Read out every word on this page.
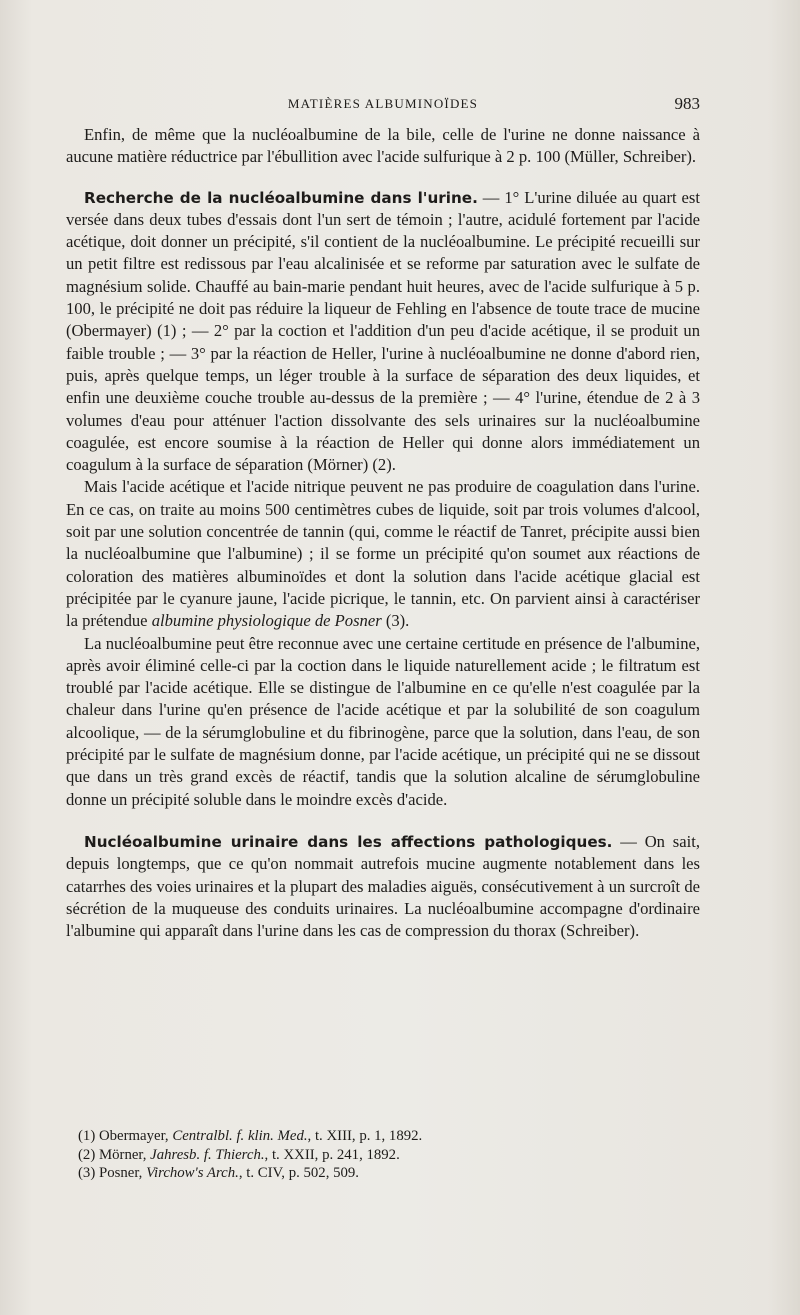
MATIÈRES ALBUMINOÏDES	983

Enfin, de même que la nucléoalbumine de la bile, celle de l'urine ne donne naissance à aucune matière réductrice par l'ébullition avec l'acide sulfurique à 2 p. 100 (Müller, Schreiber).

Recherche de la nucléoalbumine dans l'urine. — 1° L'urine diluée au quart est versée dans deux tubes d'essais dont l'un sert de témoin ; l'autre, acidulé fortement par l'acide acétique, doit donner un précipité, s'il contient de la nucléoalbumine. Le précipité recueilli sur un petit filtre est redissous par l'eau alcalinisée et se reforme par saturation avec le sulfate de magnésium solide. Chauffé au bain-marie pendant huit heures, avec de l'acide sulfurique à 5 p. 100, le précipité ne doit pas réduire la liqueur de Fehling en l'absence de toute trace de mucine (Obermayer) (1) ; — 2° par la coction et l'addition d'un peu d'acide acétique, il se produit un faible trouble ; — 3° par la réaction de Heller, l'urine à nucléoalbumine ne donne d'abord rien, puis, après quelque temps, un léger trouble à la surface de séparation des deux liquides, et enfin une deuxième couche trouble au-dessus de la première ; — 4° l'urine, étendue de 2 à 3 volumes d'eau pour atténuer l'action dissolvante des sels urinaires sur la nucléoalbumine coagulée, est encore soumise à la réaction de Heller qui donne alors immédiatement un coagulum à la surface de séparation (Mörner) (2).

Mais l'acide acétique et l'acide nitrique peuvent ne pas produire de coagulation dans l'urine. En ce cas, on traite au moins 500 centimètres cubes de liquide, soit par trois volumes d'alcool, soit par une solution concentrée de tannin (qui, comme le réactif de Tanret, précipite aussi bien la nucléoalbumine que l'albumine) ; il se forme un précipité qu'on soumet aux réactions de coloration des matières albuminoïdes et dont la solution dans l'acide acétique glacial est précipitée par le cyanure jaune, l'acide picrique, le tannin, etc. On parvient ainsi à caractériser la prétendue albumine physiologique de Posner (3).

La nucléoalbumine peut être reconnue avec une certaine certitude en présence de l'albumine, après avoir éliminé celle-ci par la coction dans le liquide naturellement acide ; le filtratum est troublé par l'acide acétique. Elle se distingue de l'albumine en ce qu'elle n'est coagulée par la chaleur dans l'urine qu'en présence de l'acide acétique et par la solubilité de son coagulum alcoolique, — de la sérumglobuline et du fibrinogène, parce que la solution, dans l'eau, de son précipité par le sulfate de magnésium donne, par l'acide acétique, un précipité qui ne se dissout que dans un très grand excès de réactif, tandis que la solution alcaline de sérumglobuline donne un précipité soluble dans le moindre excès d'acide.

Nucléoalbumine urinaire dans les affections pathologiques. — On sait, depuis longtemps, que ce qu'on nommait autrefois mucine augmente notablement dans les catarrhes des voies urinaires et la plupart des maladies aiguës, consécutivement à un surcroît de sécrétion de la muqueuse des conduits urinaires. La nucléoalbumine accompagne d'ordinaire l'albumine qui apparaît dans l'urine dans les cas de compression du thorax (Schreiber).

(1) Obermayer, Centralbl. f. klin. Med., t. XIII, p. 1, 1892.
(2) Mörner, Jahresb. f. Thierch., t. XXII, p. 241, 1892.
(3) Posner, Virchow's Arch., t. CIV, p. 502, 509.
